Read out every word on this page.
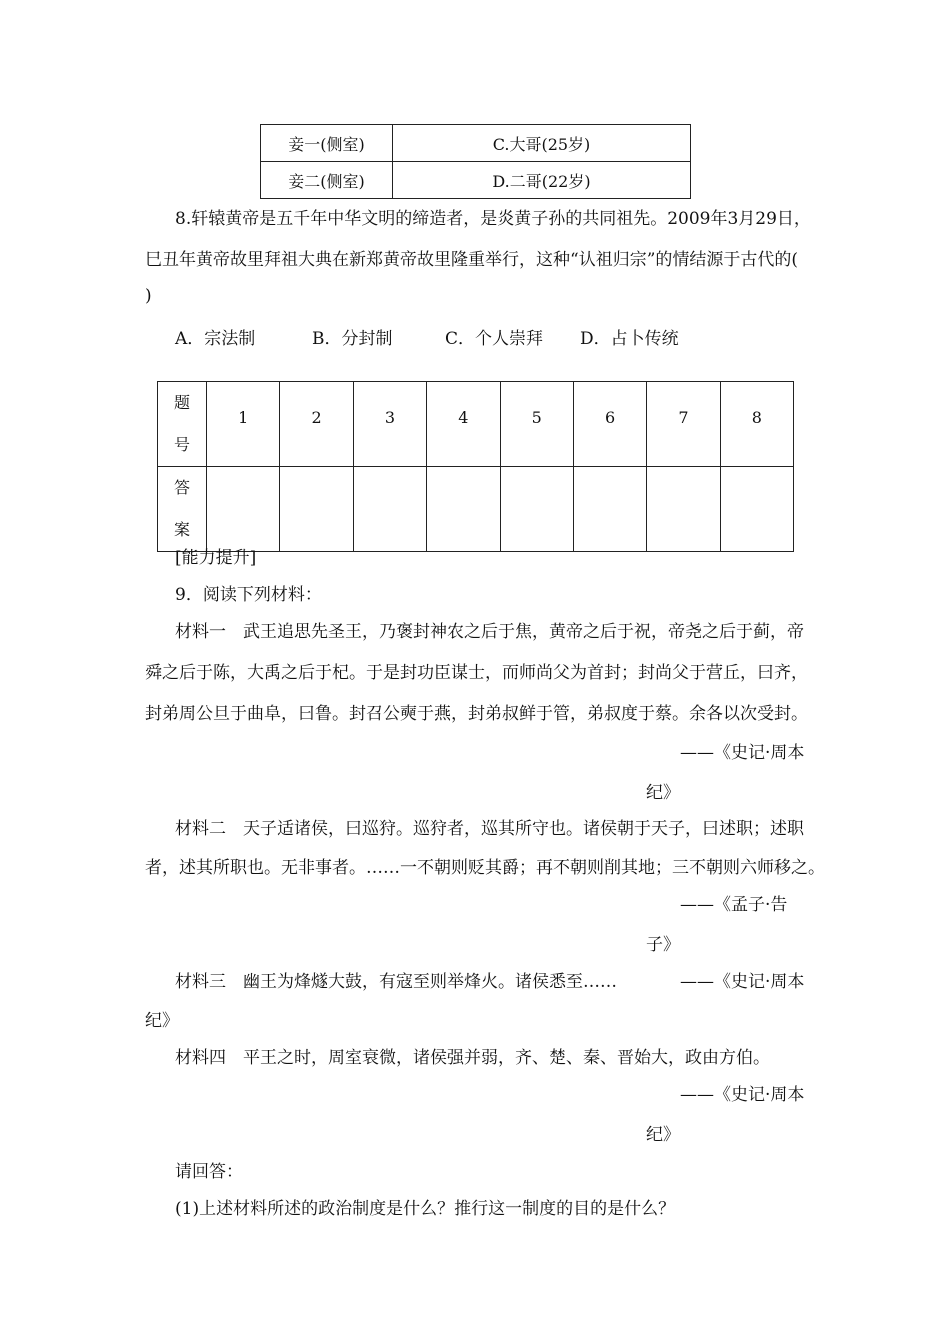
妾一(侧室)	C.大哥(25岁)
妾二(侧室)	D.二哥(22岁)
8.轩辕黄帝是五千年中华文明的缔造者，是炎黄子孙的共同祖先。2009年3月29日，
巳丑年黄帝故里拜祖大典在新郑黄帝故里隆重举行，这种“认祖归宗”的情结源于古代的(
)
A．宗法制	B．分封制	C．个人崇拜 D．占卜传统
题
号	1	2	3	4	5	6	7	8

答
案								

[能力提升]
9．阅读下列材料：
材料一　武王追思先圣王，乃褒封神农之后于焦，黄帝之后于祝，帝尧之后于蓟，帝
舜之后于陈，大禹之后于杞。于是封功臣谋士，而师尚父为首封；封尚父于营丘，曰齐，
封弟周公旦于曲阜，曰鲁。封召公奭于燕，封弟叔鲜于管，弟叔度于蔡。余各以次受封。
——《史记·周本
纪》
材料二　天子适诸侯，曰巡狩。巡狩者，巡其所守也。诸侯朝于天子，曰述职；述职
者，述其所职也。无非事者。……一不朝则贬其爵；再不朝则削其地；三不朝则六师移之。
——《孟子·告
子》
材料三　幽王为烽燧大鼓，有寇至则举烽火。诸侯悉至……	——《史记·周本
纪》
材料四　平王之时，周室衰微，诸侯强并弱，齐、楚、秦、晋始大，政由方伯。
——《史记·周本
纪》
请回答：
(1)上述材料所述的政治制度是什么？推行这一制度的目的是什么？
